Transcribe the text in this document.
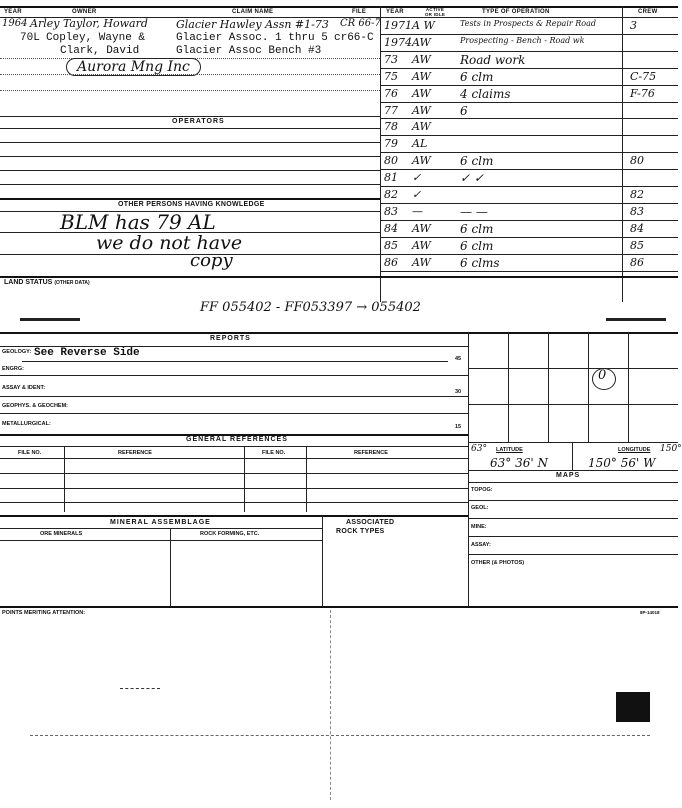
YEAR	OWNER	CLAIM NAME	FILE	YEAR	ACTIVE OR IDLE	TYPE OF OPERATION	CREW
1964 Arley Taylor, Howard	Glacier Hawley Assn #1-73 CR 66-7
70L Copley, Wayne &	Glacier Assoc. 1 thru 5 cr66-C
Clark, David	Glacier Assoc Bench #3
Aurora Mng Inc
OPERATORS
OTHER PERSONS HAVING KNOWLEDGE
BLM has 79 AL
we do not have
copy
1971 A W	Tests in Prospects & Repair Road	3
1974 AW	Prospecting - Bench - Road wk
73 AW Road work
75 AW 6 clm	C-75
76 AW 4 claims	F-76
77 AW 6
78 AW
79 AL
80 AW 6 clm	80
81 ✓	✓ ✓
82 ✓	82
83 —	— —	83
84 AW 6 clm	84
85 AW 6 clm	85
86 AW 6 clms	86
LAND STATUS (OTHER DATA)
FF 055402 - FF053397 → 055402
REPORTS
GEOLOGY: See Reverse Side	45
ENGRG:
ASSAY & IDENT:
30
GEOPHYS. & GEOCHEM:
METALLURGICAL:	15
GENERAL REFERENCES
FILE NO.	REFERENCE	FILE NO.	REFERENCE
MINERAL ASSEMBLAGE	ASSOCIATED
ROCK TYPES
ORE MINERALS	ROCK FORMING, ETC.
0
63° LATITUDE	LONGITUDE 150°
63° 36' N	150° 56' W
MAPS
TOPOG:
GEOL:
MINE:
ASSAY:
OTHER (& PHOTOS)
POINTS MERITING ATTENTION:	8P-14018
